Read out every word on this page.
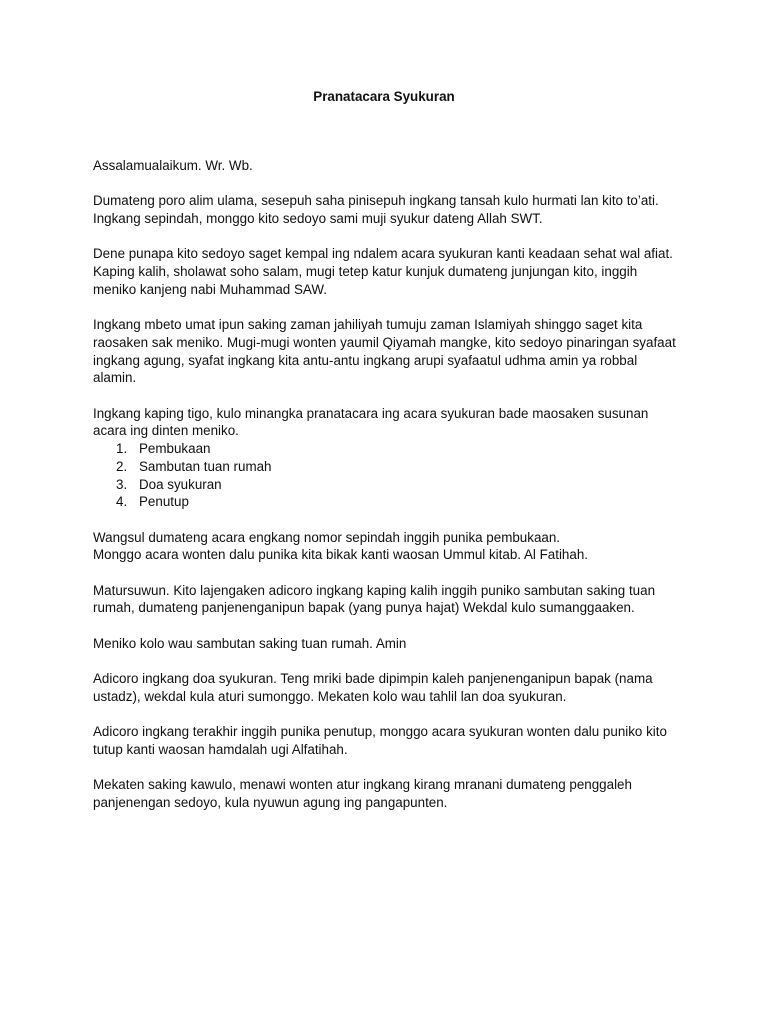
Pranatacara Syukuran

Assalamualaikum. Wr. Wb.

Dumateng poro alim ulama, sesepuh saha pinisepuh ingkang tansah kulo hurmati lan kito to’ati. Ingkang sepindah, monggo kito sedoyo sami muji syukur dateng Allah SWT.

Dene punapa kito sedoyo saget kempal ing ndalem acara syukuran kanti keadaan sehat wal afiat. Kaping kalih, sholawat soho salam, mugi tetep katur kunjuk dumateng junjungan kito, inggih meniko kanjeng nabi Muhammad SAW.

Ingkang mbeto umat ipun saking zaman jahiliyah tumuju zaman Islamiyah shinggo saget kita raosaken sak meniko. Mugi-mugi wonten yaumil Qiyamah mangke, kito sedoyo pinaringan syafaat ingkang agung, syafat ingkang kita antu-antu ingkang arupi syafaatul udhma amin ya robbal alamin.

Ingkang kaping tigo, kulo minangka pranatacara ing acara syukuran bade maosaken susunan acara ing dinten meniko.

1. Pembukaan
2. Sambutan tuan rumah
3. Doa syukuran
4. Penutup

Wangsul dumateng acara engkang nomor sepindah inggih punika pembukaan.
Monggo acara wonten dalu punika kita bikak kanti waosan Ummul kitab. Al Fatihah.

Matursuwun. Kito lajengaken adicoro ingkang kaping kalih inggih puniko sambutan saking tuan rumah, dumateng panjenenganipun bapak (yang punya hajat) Wekdal kulo sumanggaaken.

Meniko kolo wau sambutan saking tuan rumah. Amin

Adicoro ingkang doa syukuran. Teng mriki bade dipimpin kaleh panjenenganipun bapak (nama ustadz), wekdal kula aturi sumonggo. Mekaten kolo wau tahlil lan doa syukuran.

Adicoro ingkang terakhir inggih punika penutup, monggo acara syukuran wonten dalu puniko kito tutup kanti waosan hamdalah ugi Alfatihah.

Mekaten saking kawulo, menawi wonten atur ingkang kirang mranani dumateng penggaleh panjenengan sedoyo, kula nyuwun agung ing pangapunten.
